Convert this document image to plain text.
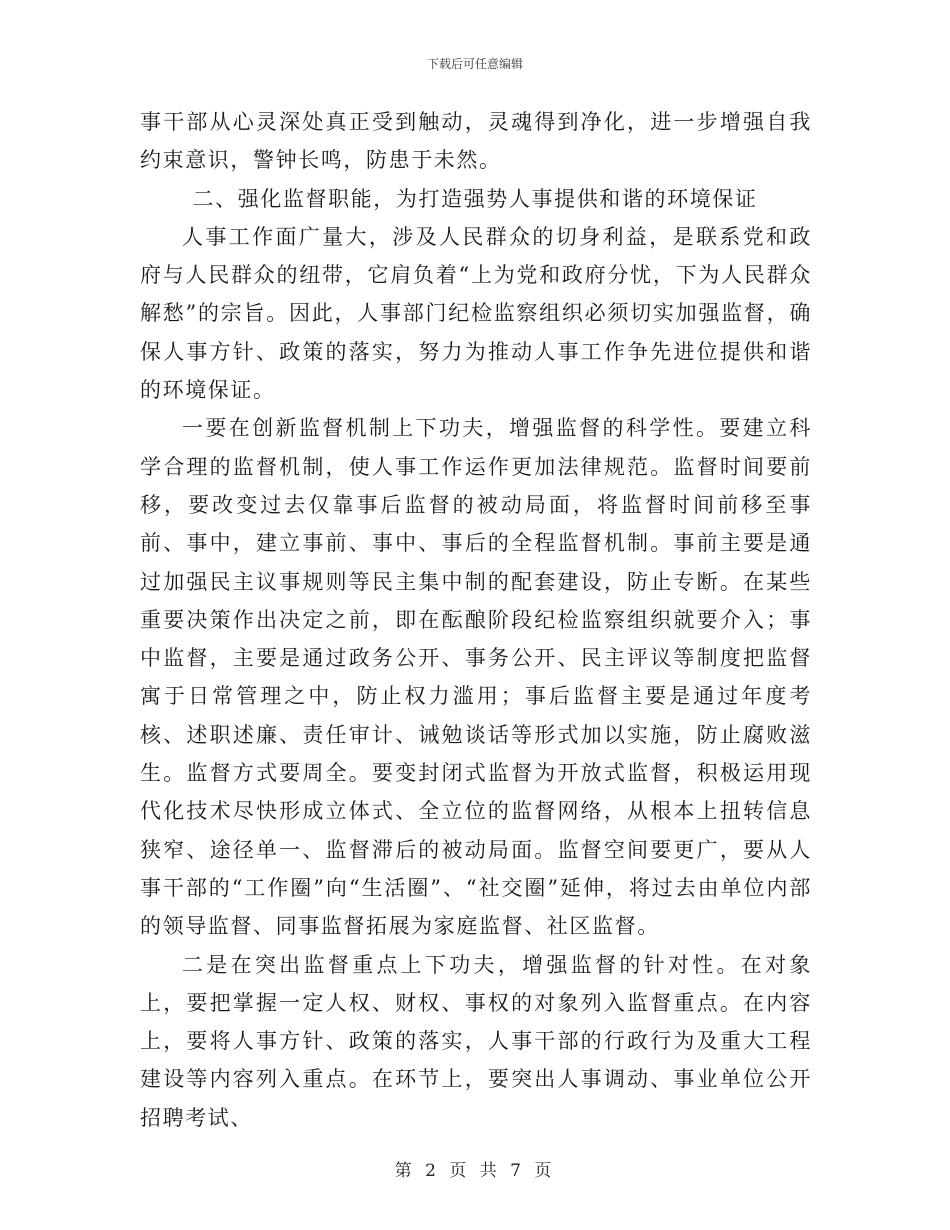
下载后可任意编辑

事干部从心灵深处真正受到触动，灵魂得到净化，进一步增强自我约束意识，警钟长鸣，防患于未然。

二、强化监督职能，为打造强势人事提供和谐的环境保证

人事工作面广量大，涉及人民群众的切身利益，是联系党和政府与人民群众的纽带，它肩负着“上为党和政府分忧，下为人民群众解愁”的宗旨。因此，人事部门纪检监察组织必须切实加强监督，确保人事方针、政策的落实，努力为推动人事工作争先进位提供和谐的环境保证。

一要在创新监督机制上下功夫，增强监督的科学性。要建立科学合理的监督机制，使人事工作运作更加法律规范。监督时间要前移，要改变过去仅靠事后监督的被动局面，将监督时间前移至事前、事中，建立事前、事中、事后的全程监督机制。事前主要是通过加强民主议事规则等民主集中制的配套建设，防止专断。在某些重要决策作出决定之前，即在酝酿阶段纪检监察组织就要介入；事中监督，主要是通过政务公开、事务公开、民主评议等制度把监督寓于日常管理之中，防止权力滥用；事后监督主要是通过年度考核、述职述廉、责任审计、诫勉谈话等形式加以实施，防止腐败滋生。监督方式要周全。要变封闭式监督为开放式监督，积极运用现代化技术尽快形成立体式、全立位的监督网络，从根本上扭转信息狭窄、途径单一、监督滞后的被动局面。监督空间要更广，要从人事干部的“工作圈”向“生活圈”、“社交圈”延伸，将过去由单位内部的领导监督、同事监督拓展为家庭监督、社区监督。

二是在突出监督重点上下功夫，增强监督的针对性。在对象上，要把掌握一定人权、财权、事权的对象列入监督重点。在内容上，要将人事方针、政策的落实，人事干部的行政行为及重大工程建设等内容列入重点。在环节上，要突出人事调动、事业单位公开招聘考试、

第 2 页 共 7 页
